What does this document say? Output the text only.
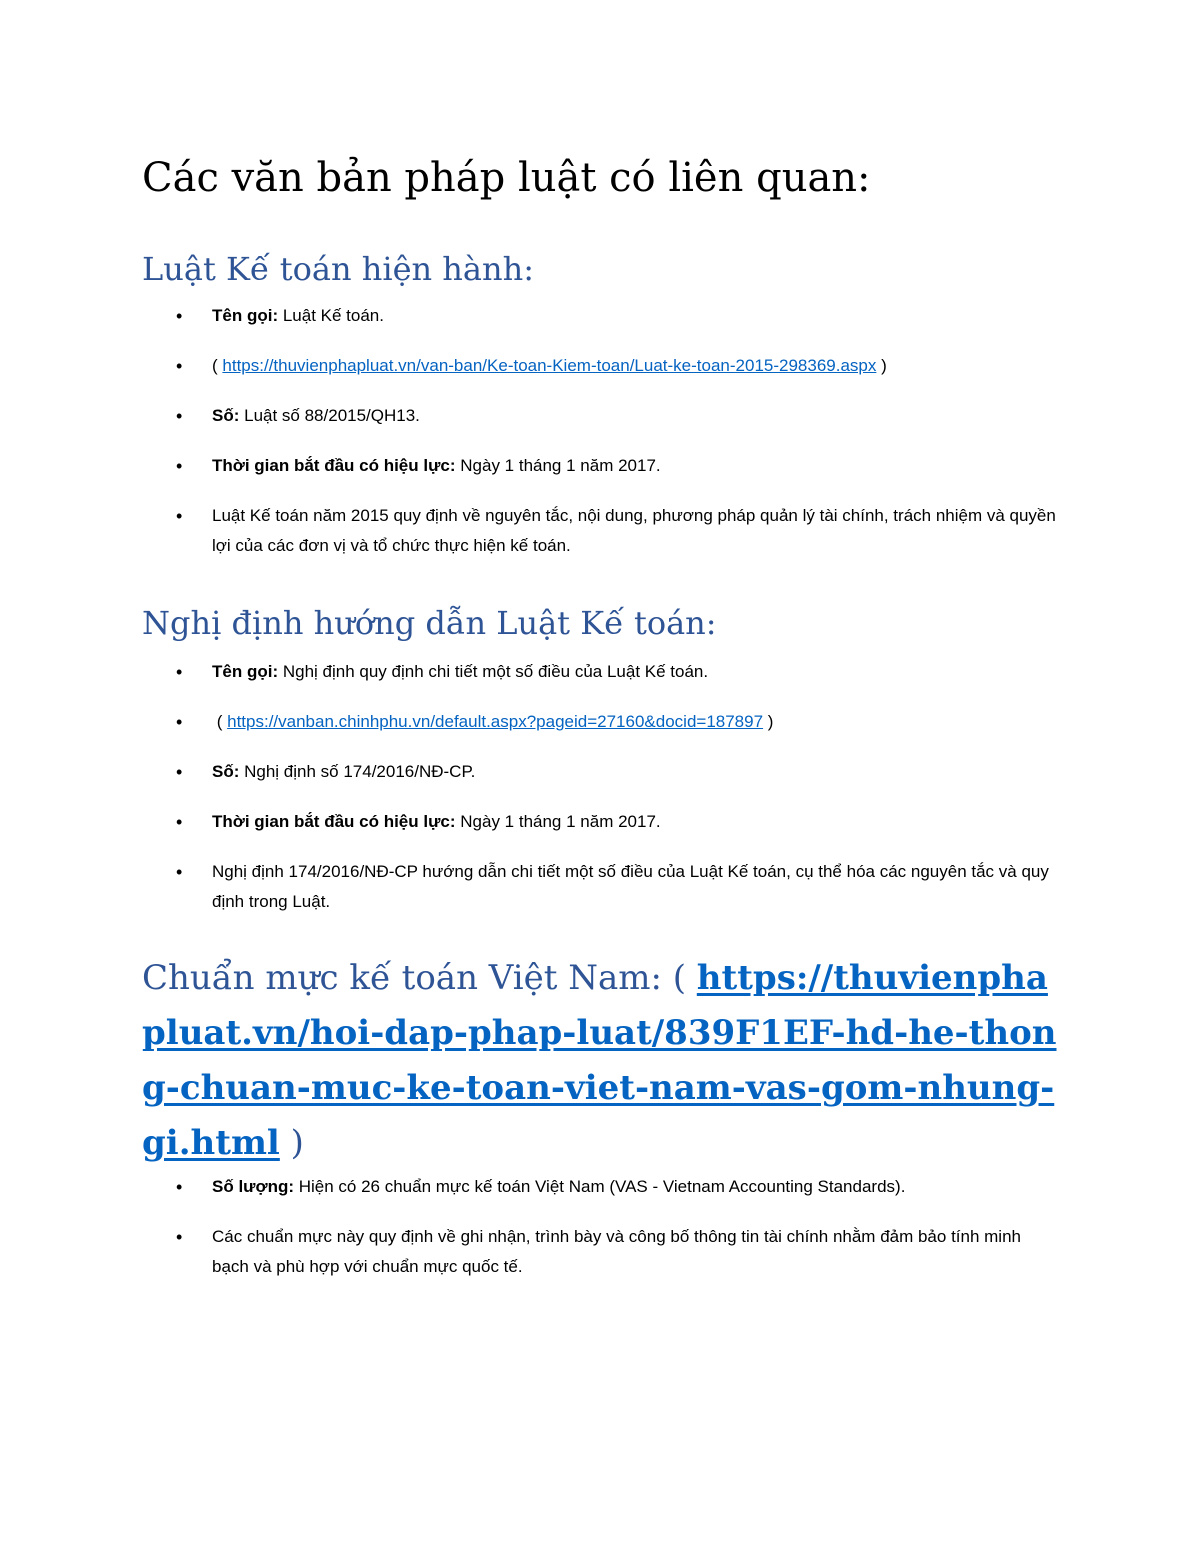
Các văn bản pháp luật có liên quan:
Luật Kế toán hiện hành:
• Tên gọi: Luật Kế toán.
• ( https://thuvienphapluat.vn/van-ban/Ke-toan-Kiem-toan/Luat-ke-toan-2015-298369.aspx )
• Số: Luật số 88/2015/QH13.
• Thời gian bắt đầu có hiệu lực: Ngày 1 tháng 1 năm 2017.
• Luật Kế toán năm 2015 quy định về nguyên tắc, nội dung, phương pháp quản lý tài chính, trách nhiệm và quyền lợi của các đơn vị và tổ chức thực hiện kế toán.
Nghị định hướng dẫn Luật Kế toán:
• Tên gọi: Nghị định quy định chi tiết một số điều của Luật Kế toán.
• ( https://vanban.chinhphu.vn/default.aspx?pageid=27160&docid=187897 )
• Số: Nghị định số 174/2016/NĐ-CP.
• Thời gian bắt đầu có hiệu lực: Ngày 1 tháng 1 năm 2017.
• Nghị định 174/2016/NĐ-CP hướng dẫn chi tiết một số điều của Luật Kế toán, cụ thể hóa các nguyên tắc và quy định trong Luật.
Chuẩn mực kế toán Việt Nam: ( https://thuvienphapluat.vn/hoi-dap-phap-luat/839F1EF-hd-he-thong-chuan-muc-ke-toan-viet-nam-vas-gom-nhung-gi.html )
• Số lượng: Hiện có 26 chuẩn mực kế toán Việt Nam (VAS - Vietnam Accounting Standards).
• Các chuẩn mực này quy định về ghi nhận, trình bày và công bố thông tin tài chính nhằm đảm bảo tính minh bạch và phù hợp với chuẩn mực quốc tế.
